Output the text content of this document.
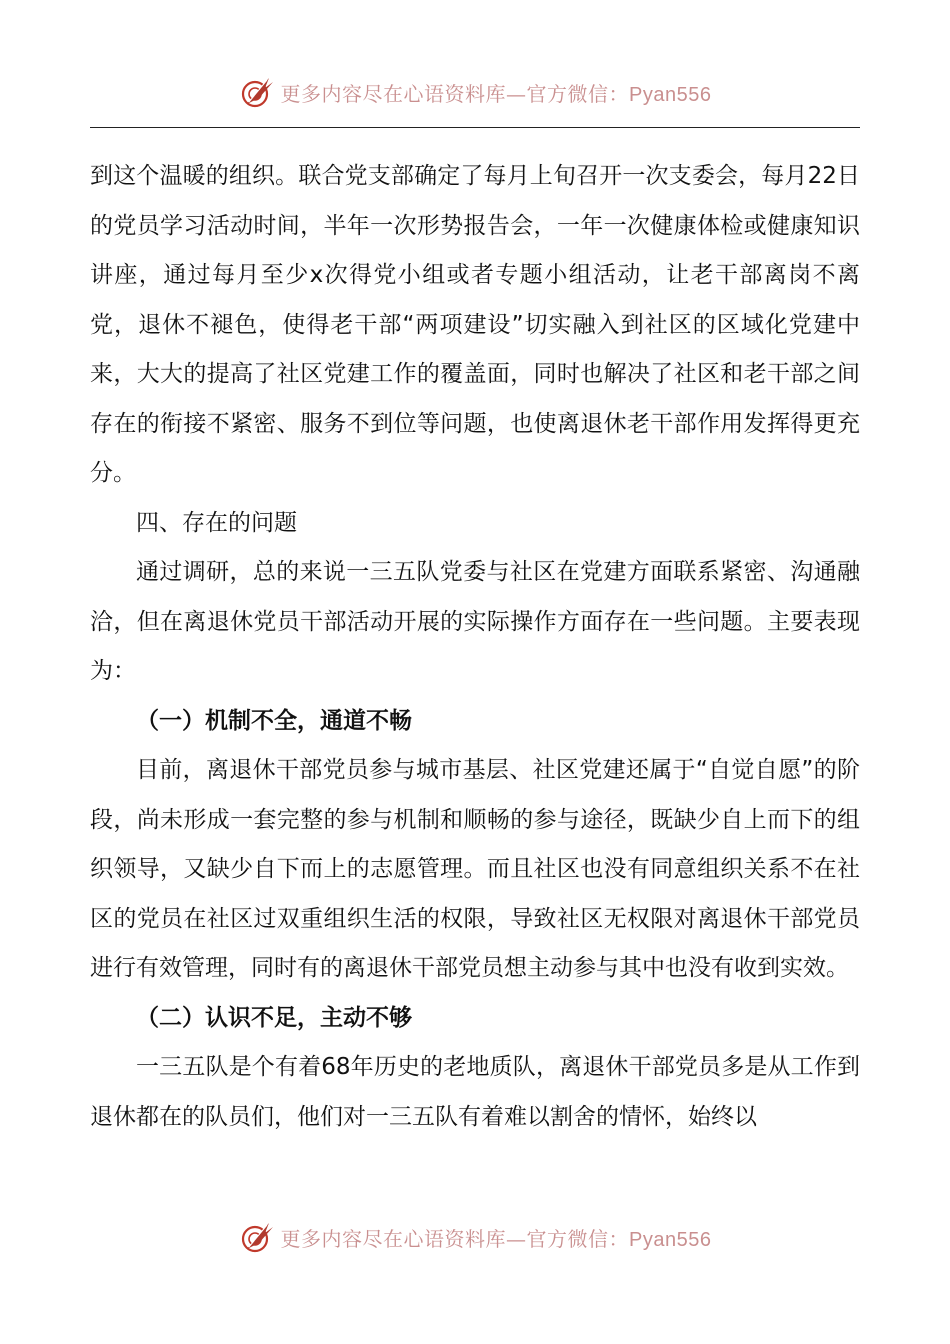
更多内容尽在心语资料库—官方微信：Pyan556

到这个温暖的组织。联合党支部确定了每月上旬召开一次支委会，每月22日的党员学习活动时间，半年一次形势报告会，一年一次健康体检或健康知识讲座，通过每月至少x次得党小组或者专题小组活动，让老干部离岗不离党，退休不褪色，使得老干部“两项建设”切实融入到社区的区域化党建中来，大大的提高了社区党建工作的覆盖面，同时也解决了社区和老干部之间存在的衔接不紧密、服务不到位等问题，也使离退休老干部作用发挥得更充分。

四、存在的问题

通过调研，总的来说一三五队党委与社区在党建方面联系紧密、沟通融洽，但在离退休党员干部活动开展的实际操作方面存在一些问题。主要表现为：

（一）机制不全，通道不畅

目前，离退休干部党员参与城市基层、社区党建还属于“自觉自愿”的阶段，尚未形成一套完整的参与机制和顺畅的参与途径，既缺少自上而下的组织领导，又缺少自下而上的志愿管理。而且社区也没有同意组织关系不在社区的党员在社区过双重组织生活的权限，导致社区无权限对离退休干部党员进行有效管理，同时有的离退休干部党员想主动参与其中也没有收到实效。

（二）认识不足，主动不够

一三五队是个有着68年历史的老地质队，离退休干部党员多是从工作到退休都在的队员们，他们对一三五队有着难以割舍的情怀，始终以

更多内容尽在心语资料库—官方微信：Pyan556
